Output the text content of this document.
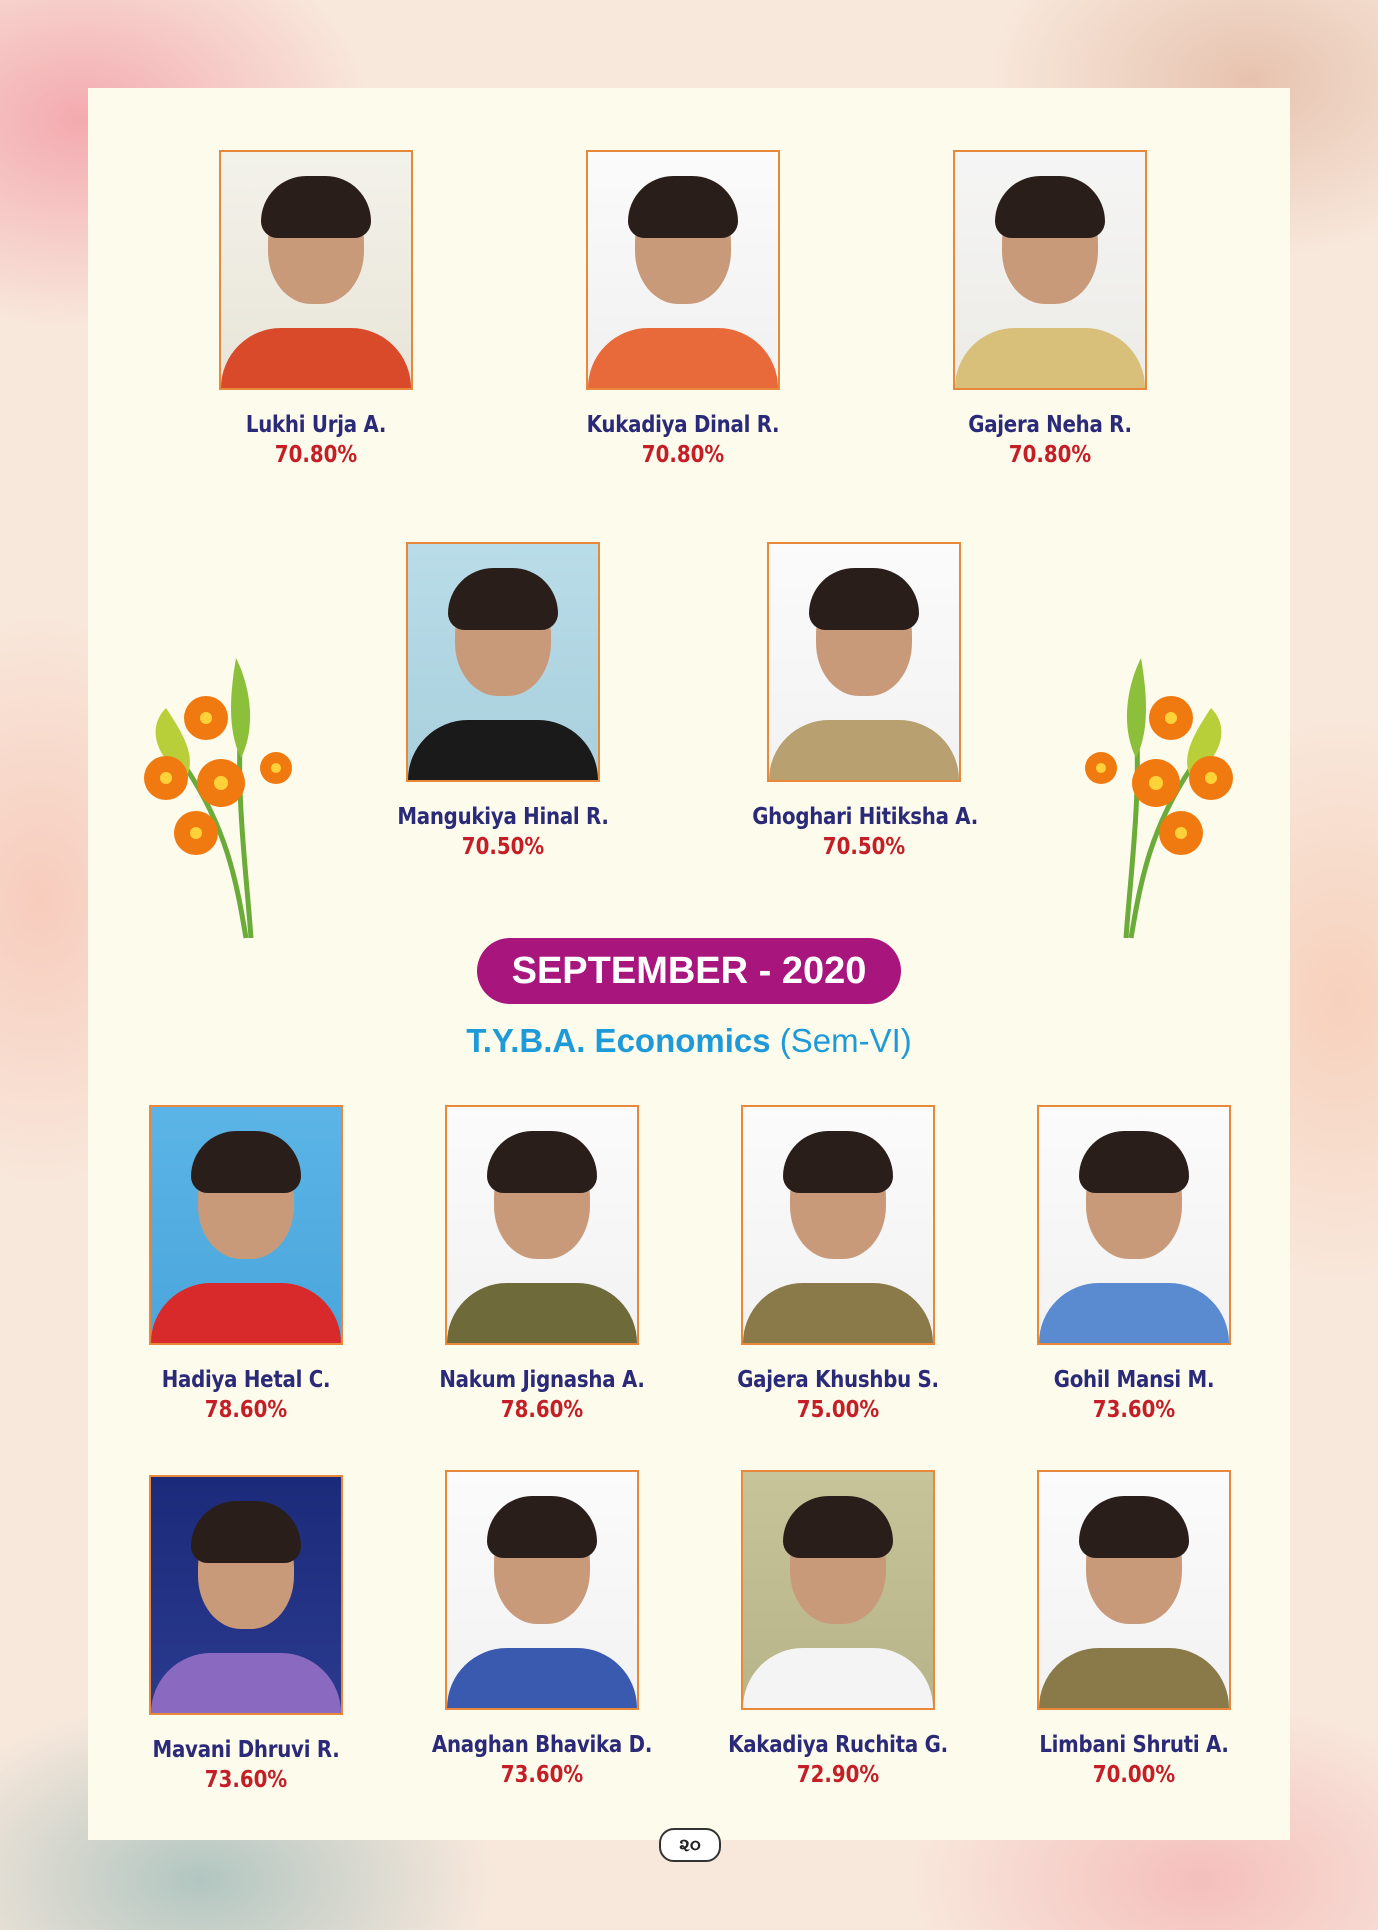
Lukhi Urja A.
70.80%
Kukadiya Dinal R.
70.80%
Gajera Neha R.
70.80%
Mangukiya Hinal R.
70.50%
Ghoghari Hitiksha A.
70.50%
Hadiya Hetal C.
78.60%
Nakum Jignasha A.
78.60%
Gajera Khushbu S.
75.00%
Gohil Mansi M.
73.60%
Mavani Dhruvi R.
73.60%
Anaghan Bhavika D.
73.60%
Kakadiya Ruchita G.
72.90%
Limbani Shruti A.
70.00%
SEPTEMBER - 2020
T.Y.B.A. Economics (Sem-VI)
૨૦
